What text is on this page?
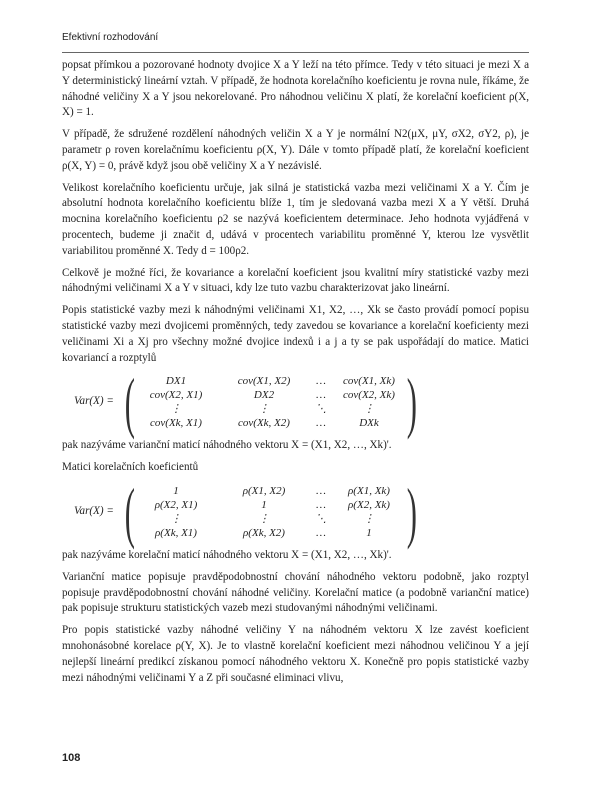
Efektivní rozhodování

popsat přímkou a pozorované hodnoty dvojice X a Y leží na této přímce. Tedy v této situaci je mezi X a Y deterministický lineární vztah. V případě, že hodnota korelačního koeficientu je rovna nule, říkáme, že náhodné veličiny X a Y jsou nekorelované. Pro náhodnou veličinu X platí, že korelační koeficient ρ(X, X) = 1.

V případě, že sdružené rozdělení náhodných veličin X a Y je normální N2(μX, μY, σX2, σY2, ρ), je parametr ρ roven korelačnímu koeficientu ρ(X, Y). Dále v tomto případě platí, že korelační koeficient ρ(X, Y) = 0, právě když jsou obě veličiny X a Y nezávislé.

Velikost korelačního koeficientu určuje, jak silná je statistická vazba mezi veličinami X a Y. Čím je absolutní hodnota korelačního koeficientu blíže 1, tím je sledovaná vazba mezi X a Y větší. Druhá mocnina korelačního koeficientu ρ2 se nazývá koeficientem determinace. Jeho hodnota vyjádřená v procentech, budeme ji značit d, udává v procentech variabilitu proměnné Y, kterou lze vysvětlit variabilitou proměnné X. Tedy d = 100ρ2.

Celkově je možné říci, že kovariance a korelační koeficient jsou kvalitní míry statistické vazby mezi náhodnými veličinami X a Y v situaci, kdy lze tuto vazbu charakterizovat jako lineární.

Popis statistické vazby mezi k náhodnými veličinami X1, X2, …, Xk se často provádí pomocí popisu statistické vazby mezi dvojicemi proměnných, tedy zavedou se kovariance a korelační koeficienty mezi veličinami Xi a Xj pro všechny možné dvojice indexů i a j a ty se pak uspořádají do matice. Matici kovariancí a rozptylů

Var(X) = (	DX1	cov(X1, X2)	…	cov(X1, Xk)
cov(X2, X1)	DX2	…	cov(X2, Xk)
⋮	⋮	⋱	⋮
cov(Xk, X1)	cov(Xk, X2)	…	DXk )

pak nazýváme varianční maticí náhodného vektoru X = (X1, X2, …, Xk)'.

Matici korelačních koeficientů

Var(X) = (	1	ρ(X1, X2)	…	ρ(X1, Xk)
ρ(X2, X1)	1	…	ρ(X2, Xk)
⋮	⋮	⋱	⋮
ρ(Xk, X1)	ρ(Xk, X2)	…	1 )

pak nazýváme korelační maticí náhodného vektoru X = (X1, X2, …, Xk)'.

Varianční matice popisuje pravděpodobnostní chování náhodného vektoru podobně, jako rozptyl popisuje pravděpodobnostní chování náhodné veličiny. Korelační matice (a podobně varianční matice) pak popisuje strukturu statistických vazeb mezi studovanými náhodnými veličinami.

Pro popis statistické vazby náhodné veličiny Y na náhodném vektoru X lze zavést koeficient mnohonásobné korelace ρ(Y, X). Je to vlastně korelační koeficient mezi náhodnou veličinou Y a její nejlepší lineární predikcí získanou pomocí náhodného vektoru X. Konečně pro popis statistické vazby mezi náhodnými veličinami Y a Z při současné eliminaci vlivu,

108
